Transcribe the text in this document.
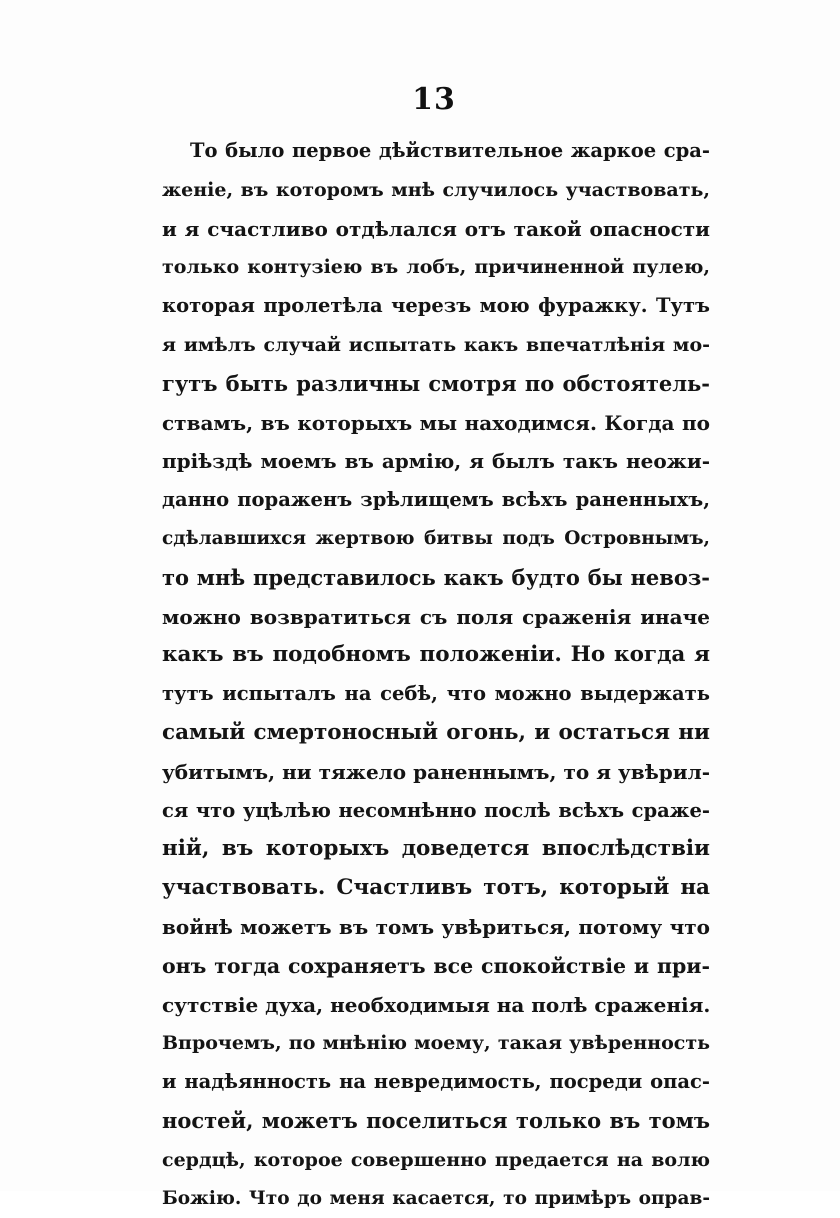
13
То было первое дѣйствительное жаркое сра-
женіе, въ которомъ мнѣ случилось участвовать,
и я счастливо отдѣлался отъ такой опасности
только контузіею въ лобъ, причиненной пулею,
которая пролетѣла черезъ мою фуражку. Тутъ
я имѣлъ случай испытать какъ впечатлѣнія мо-
гутъ быть различны смотря по обстоятель-
ствамъ, въ которыхъ мы находимся. Когда по
пріѣздѣ моемъ въ армію, я былъ такъ неожи-
данно пораженъ зрѣлищемъ всѣхъ раненныхъ,
сдѣлавшихся жертвою битвы подъ Островнымъ,
то мнѣ представилось какъ будто бы невоз-
можно возвратиться съ поля сраженія иначе
какъ въ подобномъ положеніи. Но когда я
тутъ испыталъ на себѣ, что можно выдержать
самый смертоносный огонь, и остаться ни
убитымъ, ни тяжело раненнымъ, то я увѣрил-
ся что уцѣлѣю несомнѣнно послѣ всѣхъ сраже-
ній, въ которыхъ доведется впослѣдствіи
участвовать. Счастливъ тотъ, который на
войнѣ можетъ въ томъ увѣриться, потому что
онъ тогда сохраняетъ все спокойствіе и при-
сутствіе духа, необходимыя на полѣ сраженія.
Впрочемъ, по мнѣнію моему, такая увѣренность
и надѣянность на невредимость, посреди опас-
ностей, можетъ поселиться только въ томъ
сердцѣ, которое совершенно предается на волю
Божію. Что до меня касается, то примѣръ оправ-
